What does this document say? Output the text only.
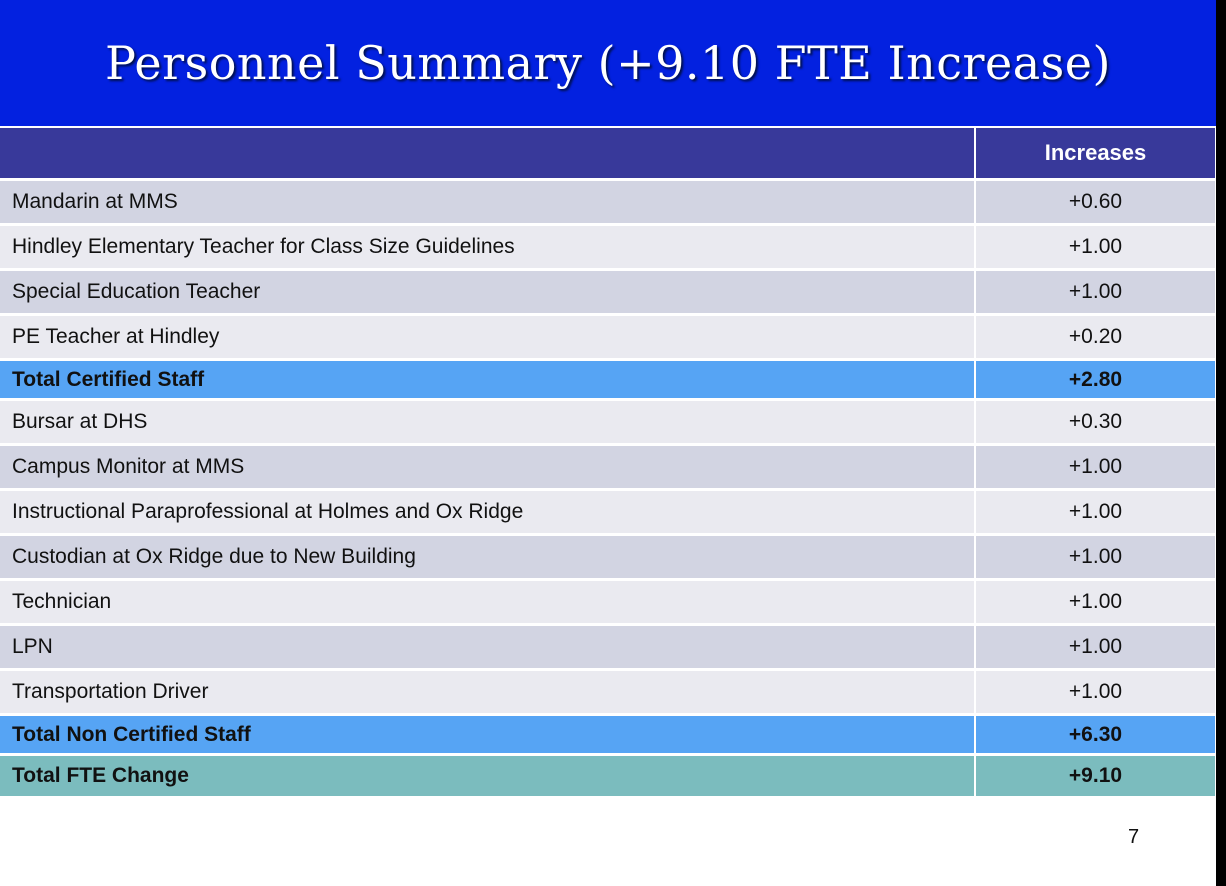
Personnel Summary (+9.10 FTE Increase)
	Increases
Mandarin at MMS	+0.60
Hindley Elementary Teacher for Class Size Guidelines	+1.00
Special Education Teacher	+1.00
PE Teacher at Hindley	+0.20
Total Certified Staff	+2.80
Bursar at DHS	+0.30
Campus Monitor at MMS	+1.00
Instructional Paraprofessional at Holmes and Ox Ridge	+1.00
Custodian at Ox Ridge due to New Building	+1.00
Technician	+1.00
LPN	+1.00
Transportation Driver	+1.00
Total Non Certified Staff	+6.30
Total FTE Change	+9.10
7
